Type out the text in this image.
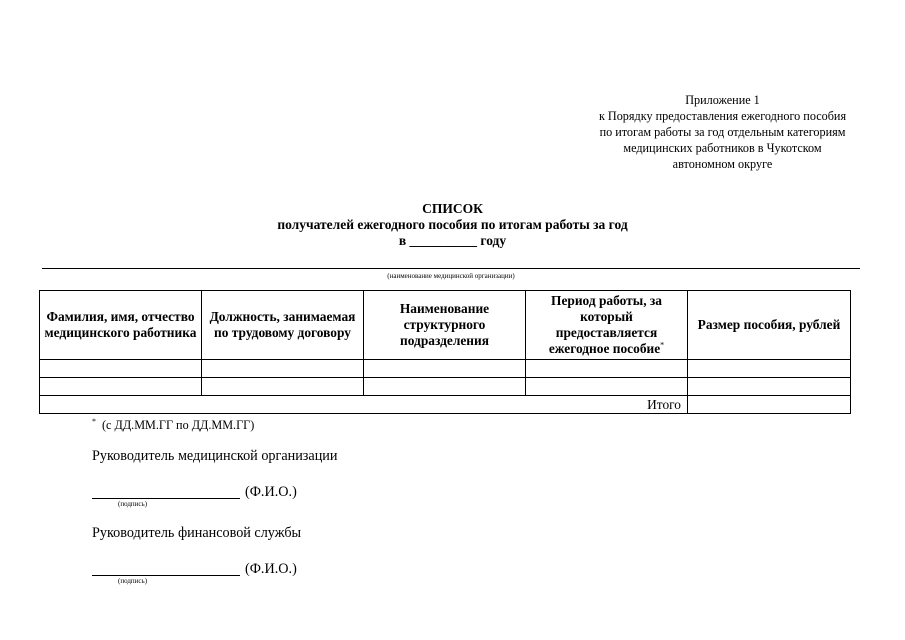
Приложение 1
к Порядку предоставления ежегодного пособия
по итогам работы за год отдельным категориям
медицинских работников в Чукотском
автономном округе
СПИСОК
получателей ежегодного пособия по итогам работы за год
в __________ году
(наименование медицинской организации)
Фамилия, имя, отчество медицинского работника	Должность, занимаемая по трудовому договору	Наименование структурного подразделения	Период работы, за который предоставляется ежегодное пособие*	Размер пособия, рублей

Итого				
* (с ДД.ММ.ГГ по ДД.ММ.ГГ)
Руководитель медицинской организации
(Ф.И.О.)
(подпись)
Руководитель финансовой службы
(Ф.И.О.)
(подпись)
